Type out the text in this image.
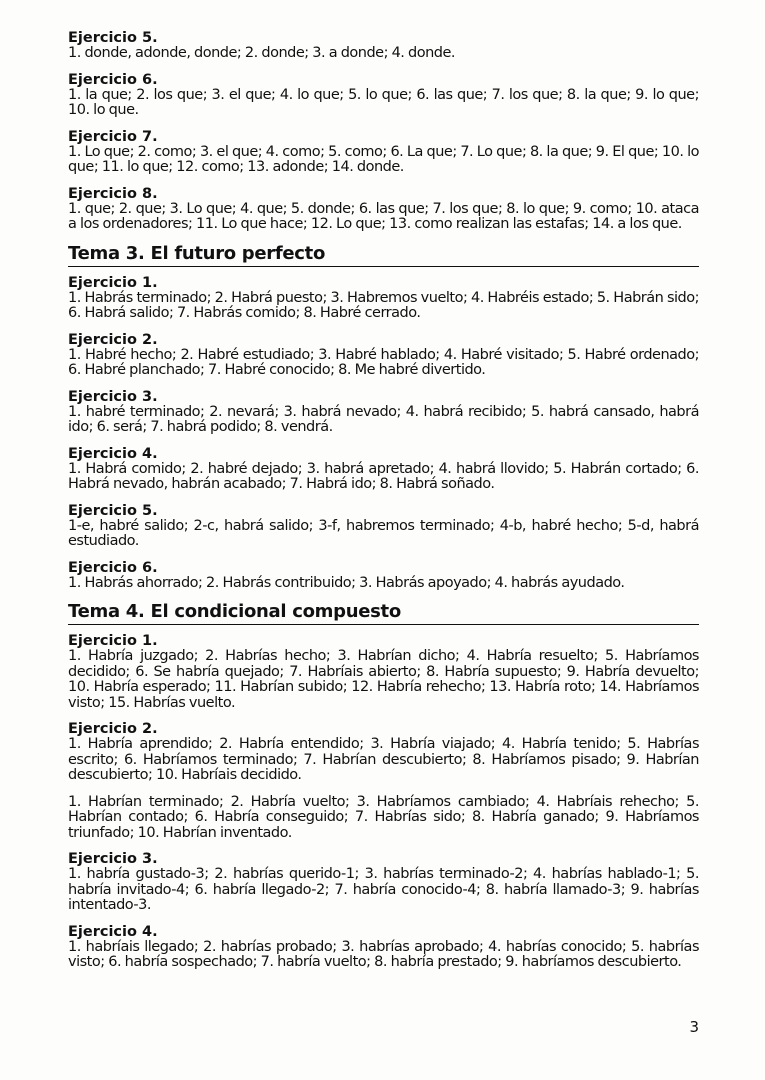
Ejercicio 5.
1. donde, adonde, donde; 2. donde; 3. a donde; 4. donde.
Ejercicio 6.
1. la que; 2. los que; 3. el que; 4. lo que; 5. lo que; 6. las que; 7. los que; 8. la que; 9. lo que; 10. lo que.
Ejercicio 7.
1. Lo que; 2. como; 3. el que; 4. como; 5. como; 6. La que; 7. Lo que; 8. la que; 9. El que; 10. lo que; 11. lo que; 12. como; 13. adonde; 14. donde.
Ejercicio 8.
1. que; 2. que; 3. Lo que; 4. que; 5. donde; 6. las que; 7. los que; 8. lo que; 9. como; 10. ataca a los ordenadores; 11. Lo que hace; 12. Lo que; 13. como realizan las estafas; 14. a los que.
Tema 3. El futuro perfecto
Ejercicio 1.
1. Habrás terminado; 2. Habrá puesto; 3. Habremos vuelto; 4. Habréis estado; 5. Habrán sido; 6. Habrá salido; 7. Habrás comido; 8. Habré cerrado.
Ejercicio 2.
1. Habré hecho; 2. Habré estudiado; 3. Habré hablado; 4. Habré visitado; 5. Habré ordenado; 6. Habré planchado; 7. Habré conocido; 8. Me habré divertido.
Ejercicio 3.
1. habré terminado; 2. nevará; 3. habrá nevado; 4. habrá recibido; 5. habrá cansado, habrá ido; 6. será; 7. habrá podido; 8. vendrá.
Ejercicio 4.
1. Habrá comido; 2. habré dejado; 3. habrá apretado; 4. habrá llovido; 5. Habrán cortado; 6. Habrá nevado, habrán acabado; 7. Habrá ido; 8. Habrá soñado.
Ejercicio 5.
1-e, habré salido; 2-c, habrá salido; 3-f, habremos terminado; 4-b, habré hecho; 5-d, habrá estudiado.
Ejercicio 6.
1. Habrás ahorrado; 2. Habrás contribuido; 3. Habrás apoyado; 4. habrás ayudado.
Tema 4. El condicional compuesto
Ejercicio 1.
1. Habría juzgado; 2. Habrías hecho; 3. Habrían dicho; 4. Habría resuelto; 5. Habríamos decidido; 6. Se habría quejado; 7. Habríais abierto; 8. Habría supuesto; 9. Habría devuelto; 10. Habría esperado; 11. Habrían subido; 12. Habría rehecho; 13. Habría roto; 14. Habríamos visto; 15. Habrías vuelto.
Ejercicio 2.
1. Habría aprendido; 2. Habría entendido; 3. Habría viajado; 4. Habría tenido; 5. Habrías escrito; 6. Habríamos terminado; 7. Habrían descubierto; 8. Habríamos pisado; 9. Habrían descubierto; 10. Habríais decidido.
1. Habrían terminado; 2. Habría vuelto; 3. Habríamos cambiado; 4. Habríais rehecho; 5. Habrían contado; 6. Habría conseguido; 7. Habrías sido; 8. Habría ganado; 9. Habríamos triunfado; 10. Habrían inventado.
Ejercicio 3.
1. habría gustado-3; 2. habrías querido-1; 3. habrías terminado-2; 4. habrías hablado-1; 5. habría invitado-4; 6. habría llegado-2; 7. habría conocido-4; 8. habría llamado-3; 9. habrías intentado-3.
Ejercicio 4.
1. habríais llegado; 2. habrías probado; 3. habrías aprobado; 4. habrías conocido; 5. habrías visto; 6. habría sospechado; 7. habría vuelto; 8. habría prestado; 9. habríamos descubierto.
3
